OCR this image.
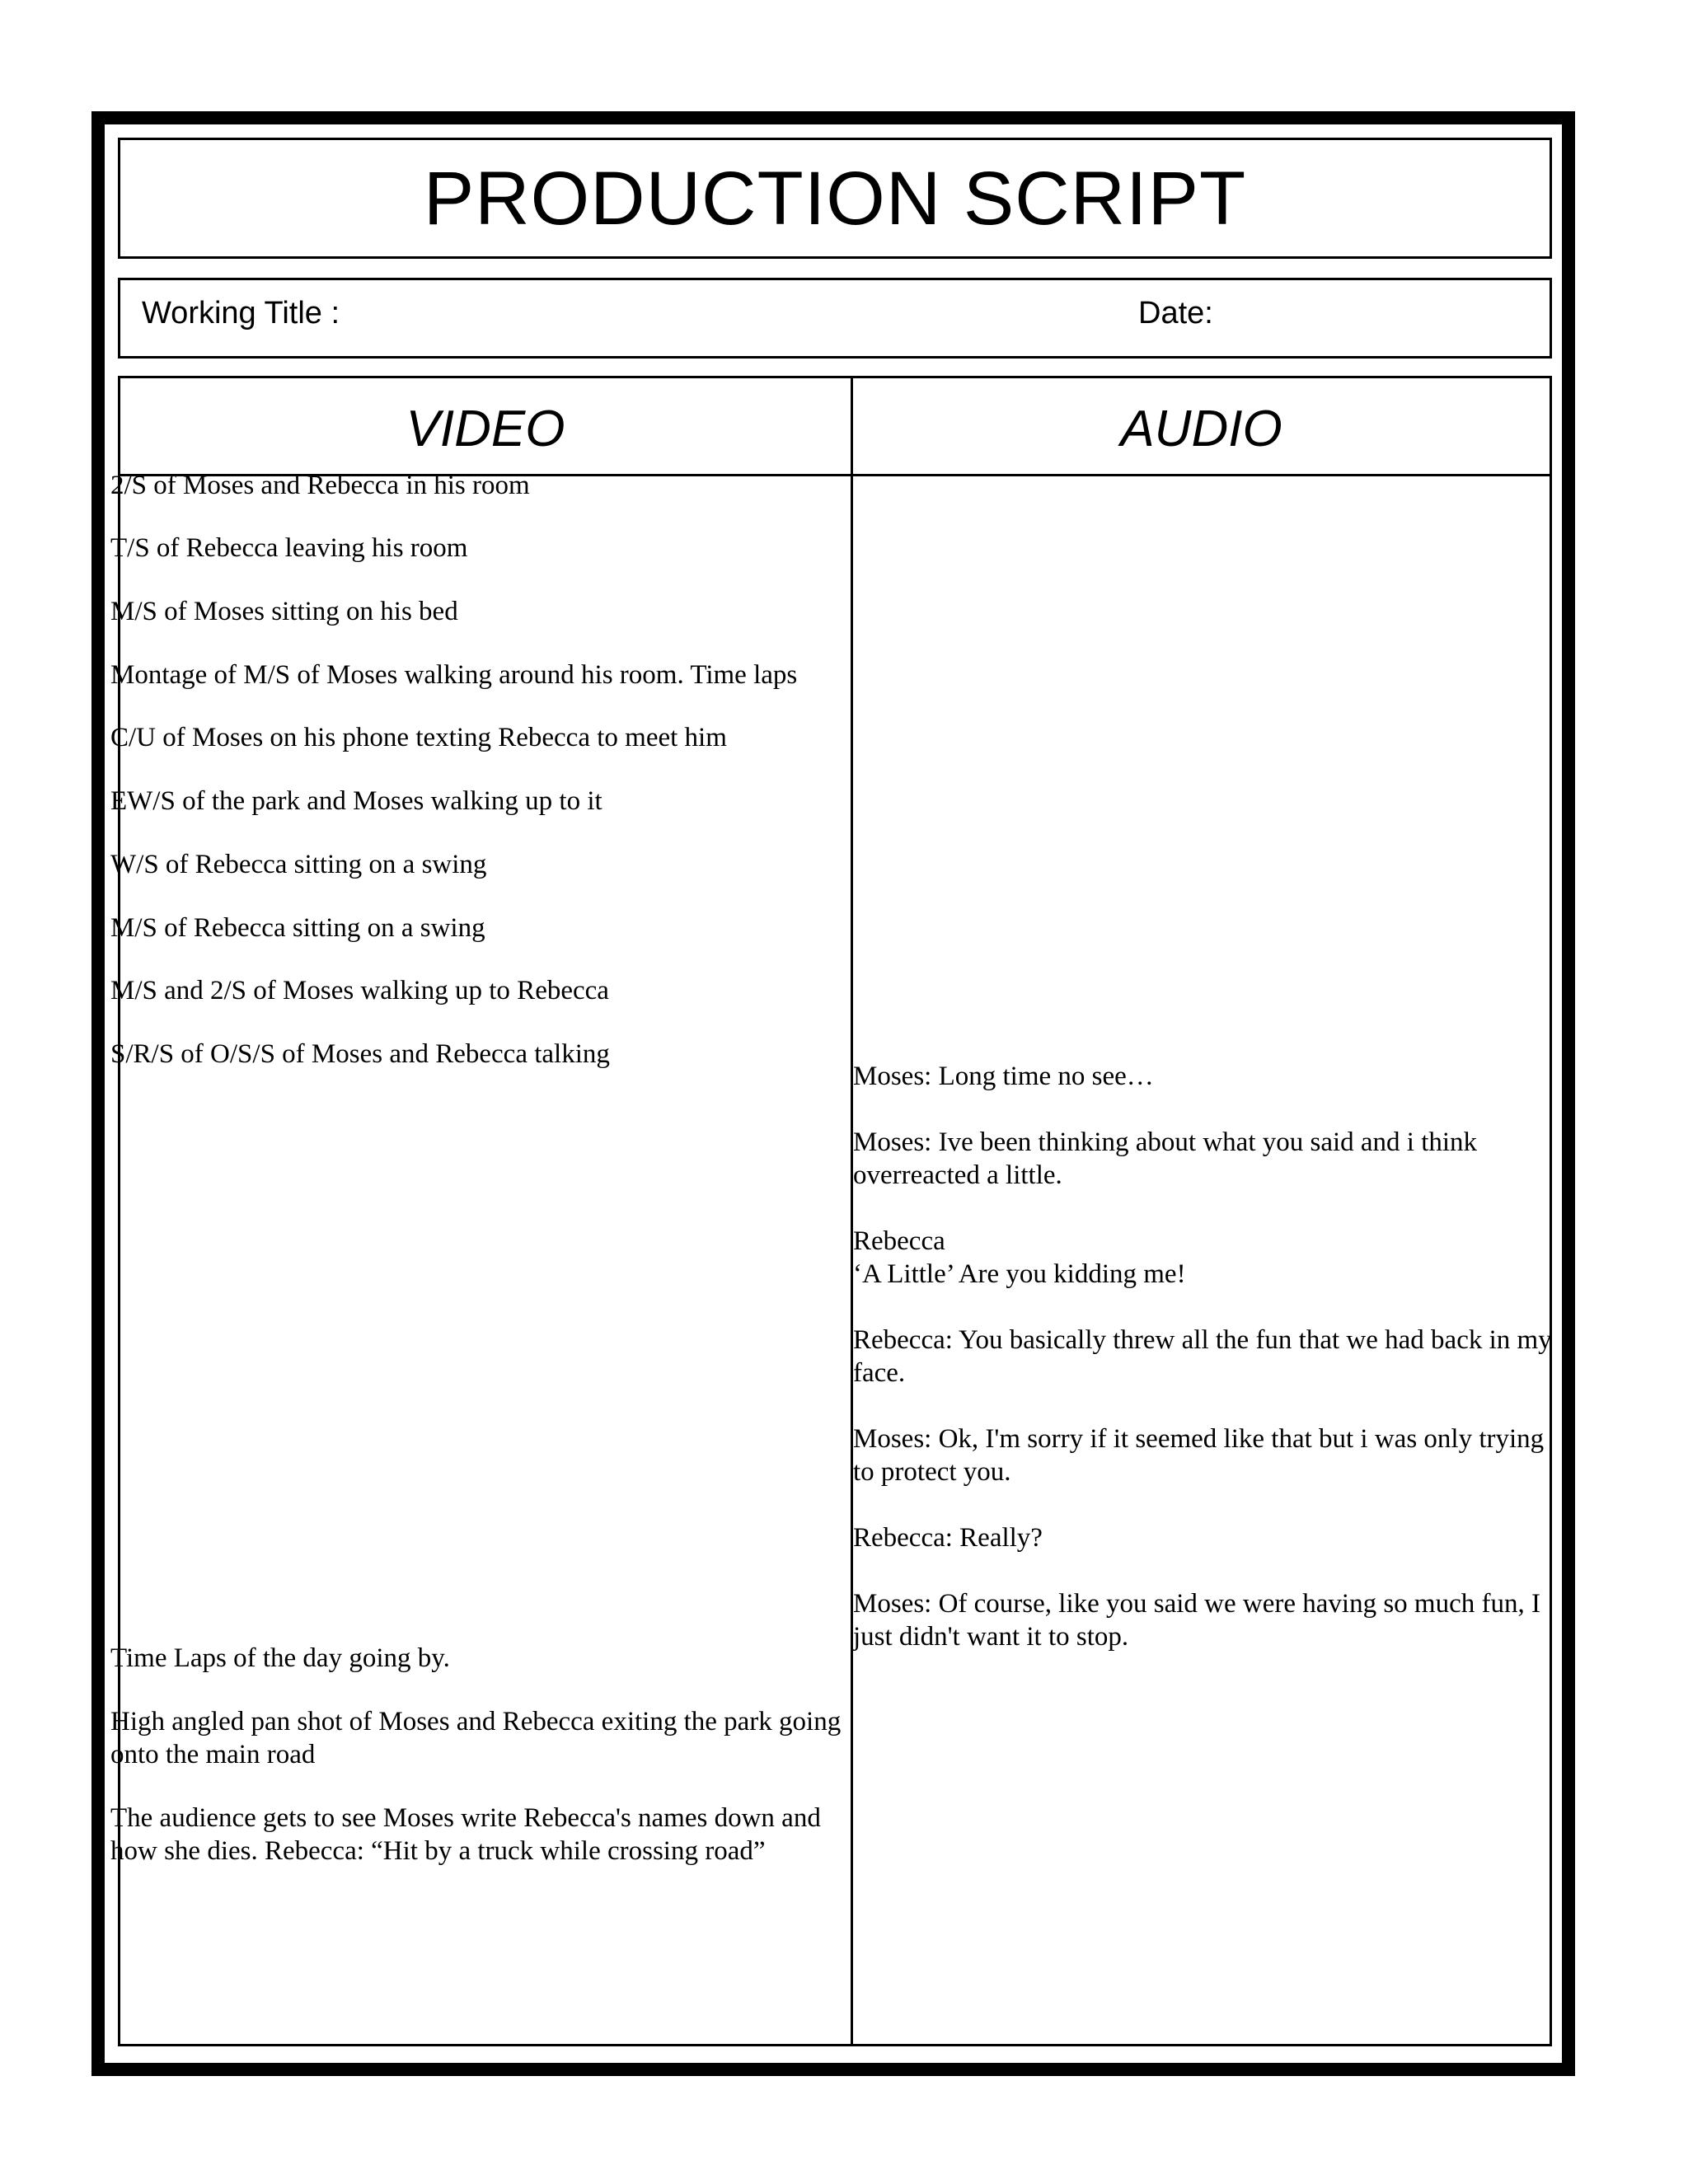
PRODUCTION SCRIPT
Working Title :	Date:
VIDEO	AUDIO
2/S of Moses and Rebecca in his room
T/S of Rebecca leaving his room
M/S of Moses sitting on his bed
Montage of M/S of Moses walking around his room. Time laps
C/U of Moses on his phone texting Rebecca to meet him
EW/S of the park and Moses walking up to it
W/S of Rebecca sitting on a swing
M/S of Rebecca sitting on a swing
M/S and 2/S of Moses walking up to Rebecca
S/R/S of O/S/S of Moses and Rebecca talking
Time Laps of the day going by.
High angled pan shot of Moses and Rebecca exiting the park going
onto the main road
The audience gets to see Moses write Rebecca's names down and
how she dies. Rebecca: “Hit by a truck while crossing road”
Moses: Long time no see…
Moses: Ive been thinking about what you said and i think
overreacted a little.
Rebecca
‘A Little’ Are you kidding me!
Rebecca: You basically threw all the fun that we had back in my
face.
Moses: Ok, I'm sorry if it seemed like that but i was only trying
to protect you.
Rebecca: Really?
Moses: Of course, like you said we were having so much fun, I
just didn't want it to stop.
